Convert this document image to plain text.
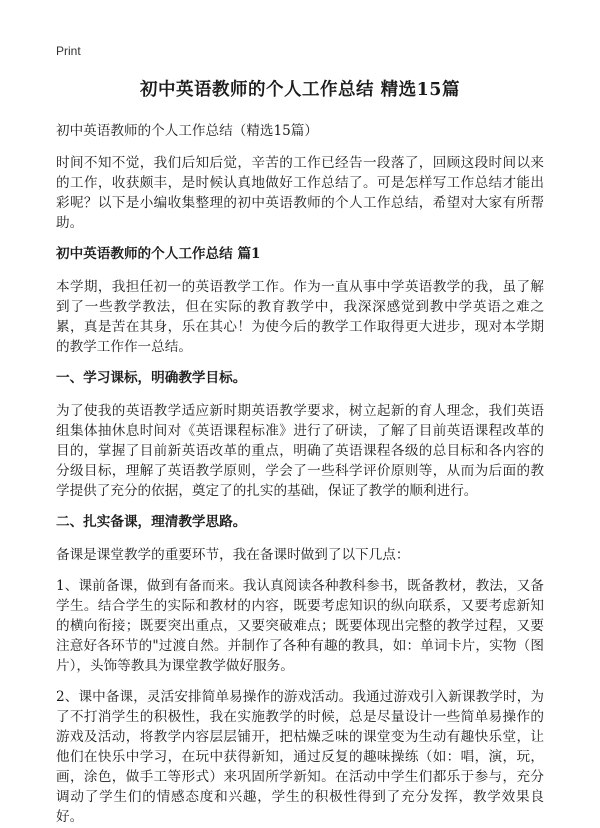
Print
初中英语教师的个人工作总结 精选15篇

初中英语教师的个人工作总结（精选15篇）

时间不知不觉，我们后知后觉，辛苦的工作已经告一段落了，回顾这段时间以来的工作，收获颇丰，是时候认真地做好工作总结了。可是怎样写工作总结才能出彩呢？以下是小编收集整理的初中英语教师的个人工作总结，希望对大家有所帮助。

初中英语教师的个人工作总结 篇1

本学期，我担任初一的英语教学工作。作为一直从事中学英语教学的我，虽了解到了一些教学教法，但在实际的教育教学中，我深深感觉到教中学英语之难之累，真是苦在其身，乐在其心！为使今后的教学工作取得更大进步，现对本学期的教学工作作一总结。

一、学习课标，明确教学目标。

为了使我的英语教学适应新时期英语教学要求，树立起新的育人理念，我们英语组集体抽休息时间对《英语课程标准》进行了研读，了解了目前英语课程改革的目的，掌握了目前新英语改革的重点，明确了英语课程各级的总目标和各内容的分级目标，理解了英语教学原则，学会了一些科学评价原则等，从而为后面的教学提供了充分的依据，奠定了的扎实的基础，保证了教学的顺利进行。

二、扎实备课，理清教学思路。

备课是课堂教学的重要环节，我在备课时做到了以下几点：

1、课前备课，做到有备而来。我认真阅读各种教科参书，既备教材，教法，又备学生。结合学生的实际和教材的内容，既要考虑知识的纵向联系，又要考虑新知的横向衔接；既要突出重点，又要突破难点；既要体现出完整的教学过程，又要注意好各环节的"过渡自然。并制作了各种有趣的教具，如：单词卡片，实物（图片），头饰等教具为课堂教学做好服务。

2、课中备课，灵活安排简单易操作的游戏活动。我通过游戏引入新课教学时，为了不打消学生的积极性，我在实施教学的时候，总是尽量设计一些简单易操作的游戏及活动，将教学内容层层铺开，把枯燥乏味的课堂变为生动有趣快乐堂，让他们在快乐中学习，在玩中获得新知，通过反复的趣味操练（如：唱，演，玩，画，涂色，做手工等形式）来巩固所学新知。在活动中学生们都乐于参与，充分调动了学生们的情感态度和兴趣，学生的积极性得到了充分发挥，教学效果良好。
